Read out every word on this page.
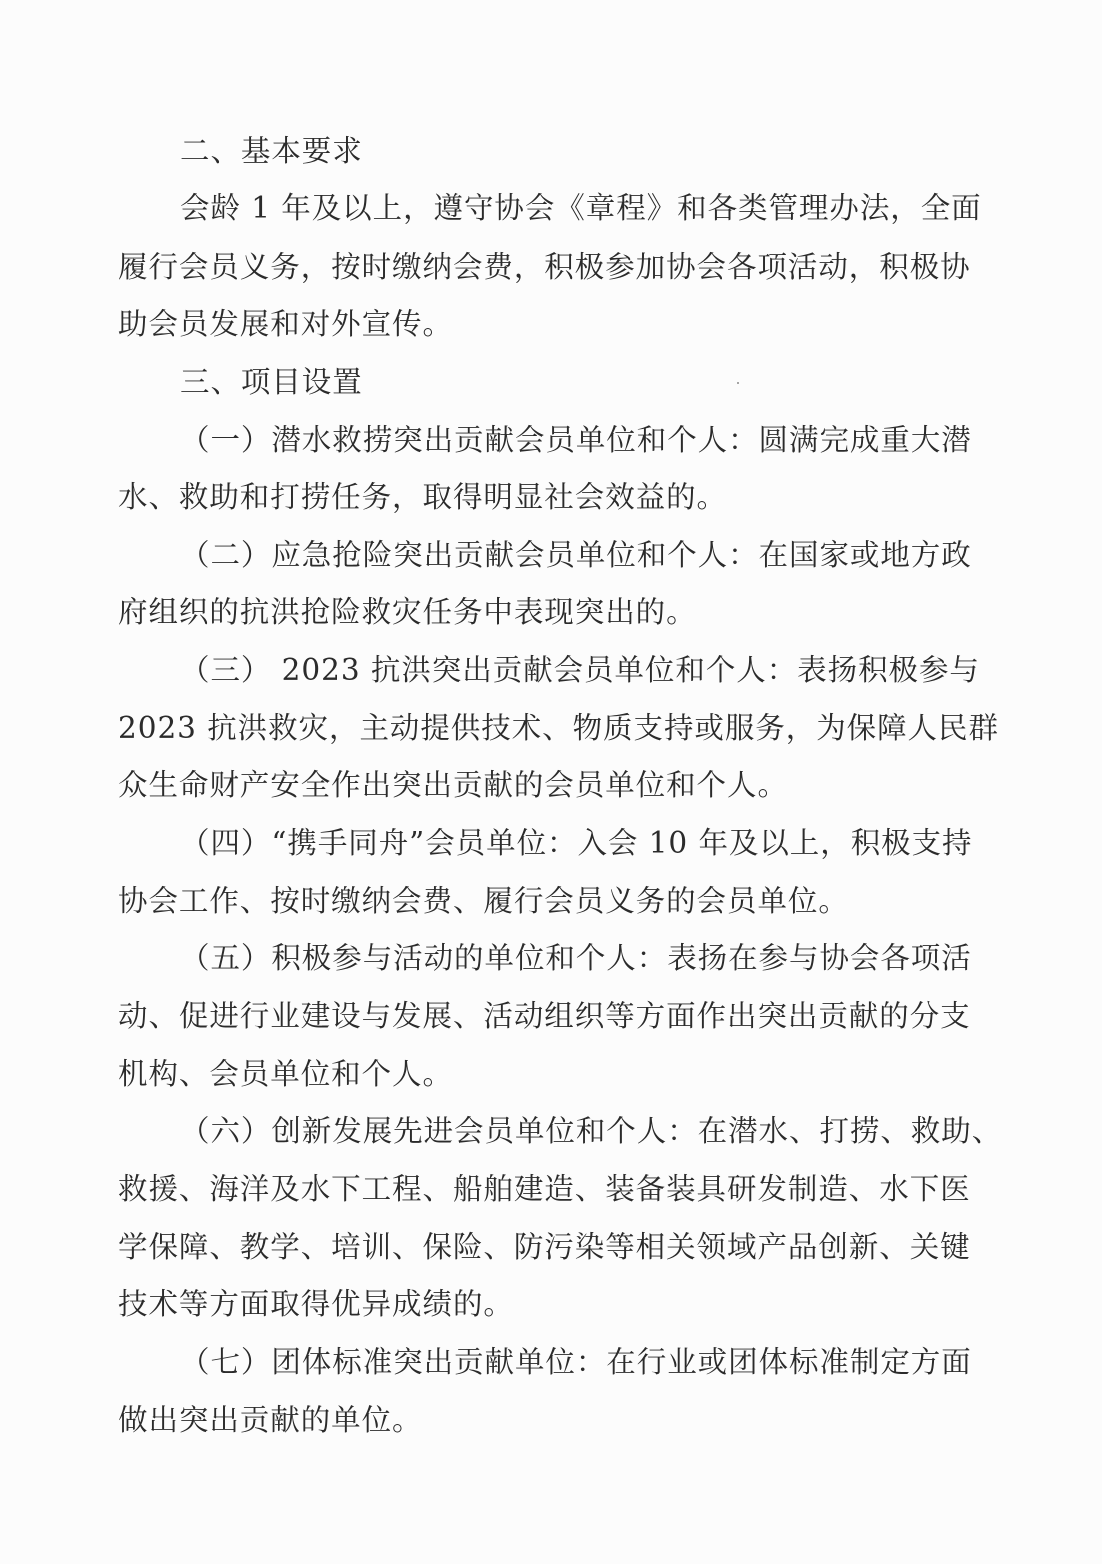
二、基本要求
会龄 1 年及以上，遵守协会《章程》和各类管理办法，全面
履行会员义务，按时缴纳会费，积极参加协会各项活动，积极协
助会员发展和对外宣传。
三、项目设置
（一）潜水救捞突出贡献会员单位和个人：圆满完成重大潜
水、救助和打捞任务，取得明显社会效益的。
（二）应急抢险突出贡献会员单位和个人：在国家或地方政
府组织的抗洪抢险救灾任务中表现突出的。
（三） 2023 抗洪突出贡献会员单位和个人：表扬积极参与
2023 抗洪救灾，主动提供技术、物质支持或服务，为保障人民群
众生命财产安全作出突出贡献的会员单位和个人。
（四）“携手同舟”会员单位：入会 10 年及以上，积极支持
协会工作、按时缴纳会费、履行会员义务的会员单位。
（五）积极参与活动的单位和个人：表扬在参与协会各项活
动、促进行业建设与发展、活动组织等方面作出突出贡献的分支
机构、会员单位和个人。
（六）创新发展先进会员单位和个人：在潜水、打捞、救助、
救援、海洋及水下工程、船舶建造、装备装具研发制造、水下医
学保障、教学、培训、保险、防污染等相关领域产品创新、关键
技术等方面取得优异成绩的。
（七）团体标准突出贡献单位：在行业或团体标准制定方面
做出突出贡献的单位。
